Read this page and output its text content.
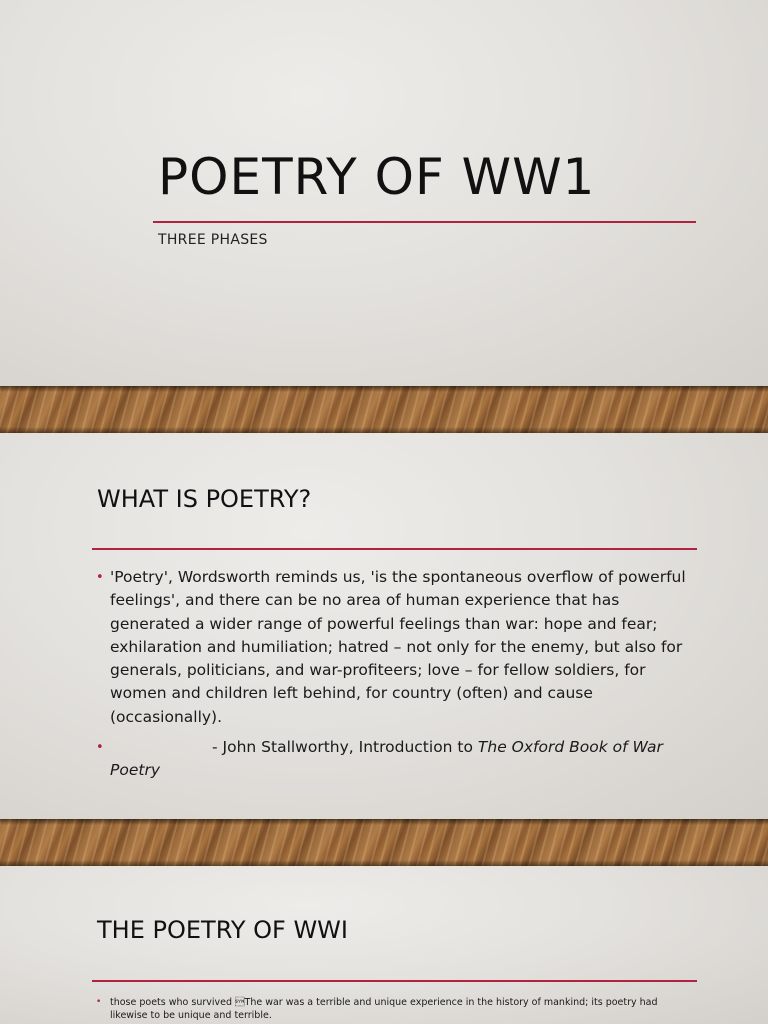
POETRY OF WW1
THREE PHASES
WHAT IS POETRY?
• 'Poetry', Wordsworth reminds us, 'is the spontaneous overflow of powerful feelings', and there can be no area of human experience that has generated a wider range of powerful feelings than war: hope and fear; exhilaration and humiliation; hatred – not only for the enemy, but also for generals, politicians, and war-profiteers; love – for fellow soldiers, for women and children left behind, for country (often) and cause (occasionally).
•	- John Stallworthy, Introduction to The Oxford Book of War Poetry
THE POETRY OF WWI
• those poets who survived The war was a terrible and unique experience in the history of mankind; its poetry had likewise to be unique and terrible.
